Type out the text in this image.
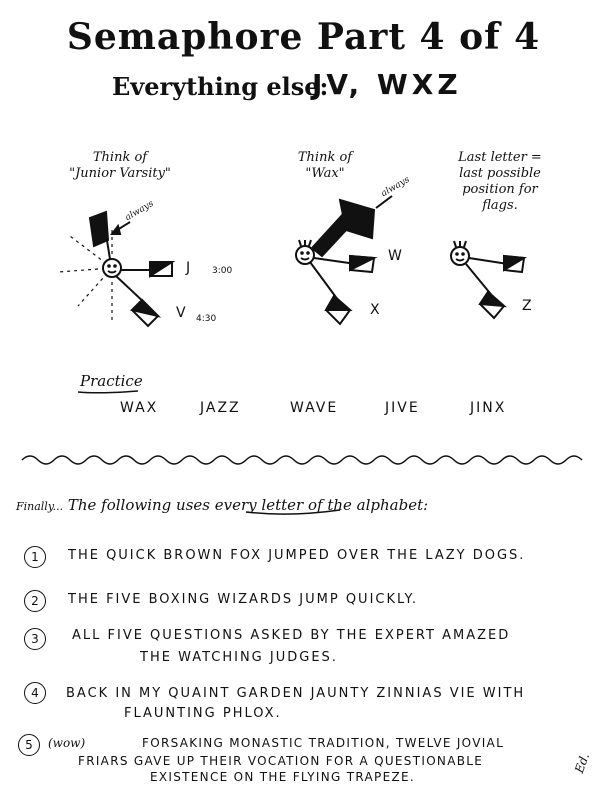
Semaphore Part 4 of 4
Everything else:
JV, WXZ
Think of
"Junior Varsity"
always
J 3:00
V 4:30
Think of
"Wax"
always
W
X
Last letter =
last possible
position for
flags.
Z
Practice
WAX	JAZZ	WAVE	JIVE	JINX
Finally... The following uses every letter of the alphabet:
1	THE QUICK BROWN FOX JUMPED OVER THE LAZY DOGS.
2	THE FIVE BOXING WIZARDS JUMP QUICKLY.
3	ALL FIVE QUESTIONS ASKED BY THE EXPERT AMAZED
THE WATCHING JUDGES.
4	BACK IN MY QUAINT GARDEN JAUNTY ZINNIAS VIE WITH
FLAUNTING PHLOX.
5	(wow)	FORSAKING MONASTIC TRADITION, TWELVE JOVIAL
FRIARS GAVE UP THEIR VOCATION FOR A QUESTIONABLE
EXISTENCE ON THE FLYING TRAPEZE.
Ed.
